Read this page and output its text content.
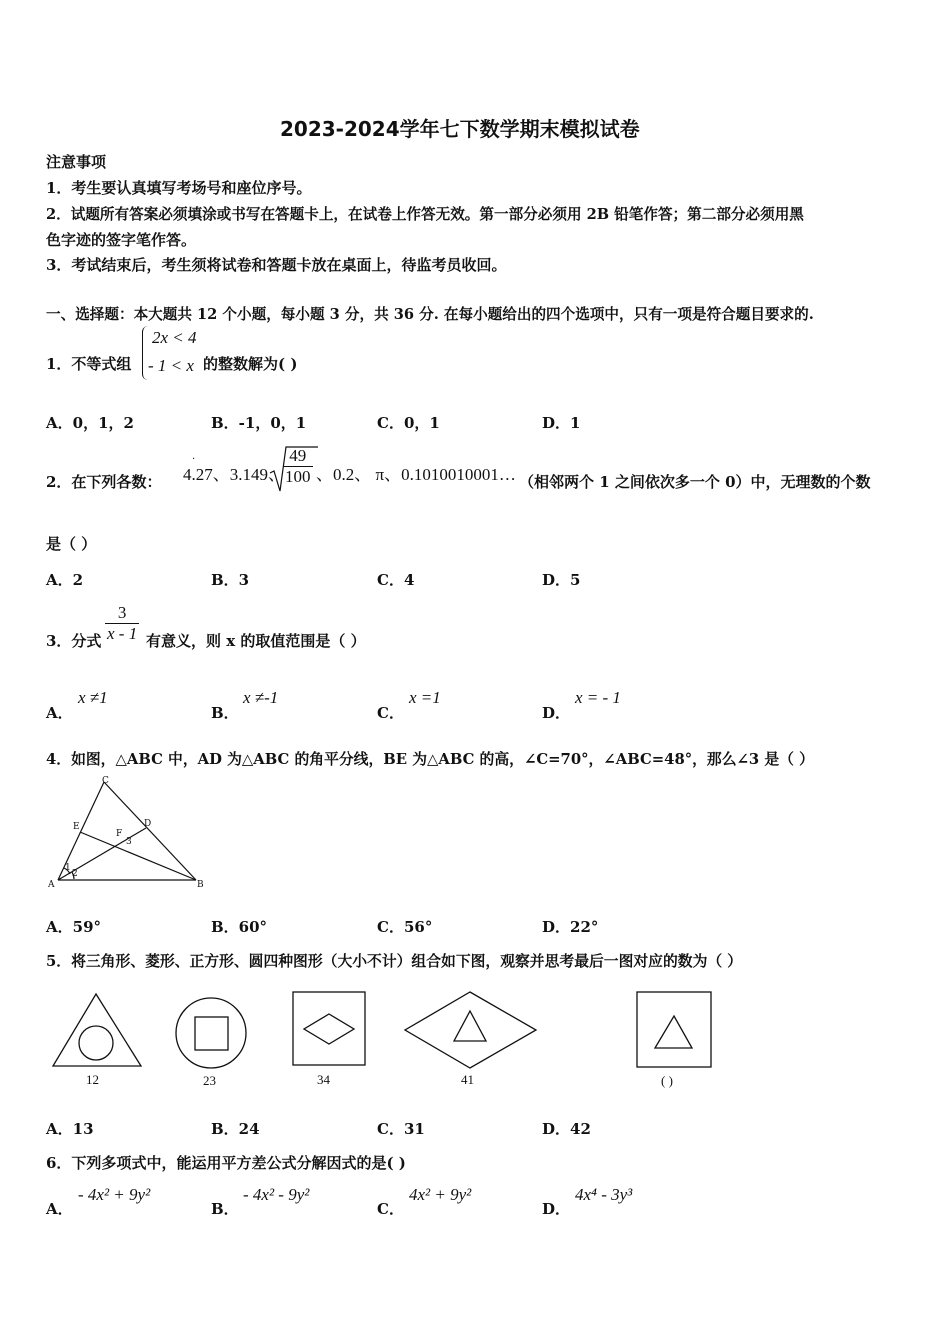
2023-2024学年七下数学期末模拟试卷
注意事项
1．考生要认真填写考场号和座位序号。
2．试题所有答案必须填涂或书写在答题卡上，在试卷上作答无效。第一部分必须用 2B 铅笔作答；第二部分必须用黑
色字迹的签字笔作答。
3．考试结束后，考生须将试卷和答题卡放在桌面上，待监考员收回。
一、选择题：本大题共 12 个小题，每小题 3 分，共 36 分. 在每小题给出的四个选项中，只有一项是符合题目要求的.
1．不等式组
2x < 4
- 1 < x 的整数解为( )
A．0，1，2	B．-1，0，1	C．0，1	D．1
2．在下列各数： 4.27、3.149、
·	$\frac{49}{100}$ 、0.2、 π、0.1010010001… （相邻两个 1 之间依次多一个 0）中，无理数的个数
是（ ）
A．2	B．3	C．4	D．5
3．分式 $\frac{3}{x - 1}$ 有意义，则 x 的取值范围是（ ）
A．
x ≠1
B．
x ≠-1
C．
x =1
D．
x = - 1
4．如图，△ABC 中，AD 为△ABC 的角平分线，BE 为△ABC 的高，∠C=70°，∠ABC=48°，那么∠3 是（ ）
C
E	D
F
3
1
2
A	B
A．59°	B．60°	C．56°	D．22°
5．将三角形、菱形、正方形、圆四种图形（大小不计）组合如下图，观察并思考最后一图对应的数为（ ）
12	23	34	41	( )
A．13	B．24	C．31	D．42
6．下列多项式中，能运用平方差公式分解因式的是( )
A．
- 4x² + 9y²
B．
- 4x² - 9y²
C．
4x² + 9y²
D．
4x⁴ - 3y³
